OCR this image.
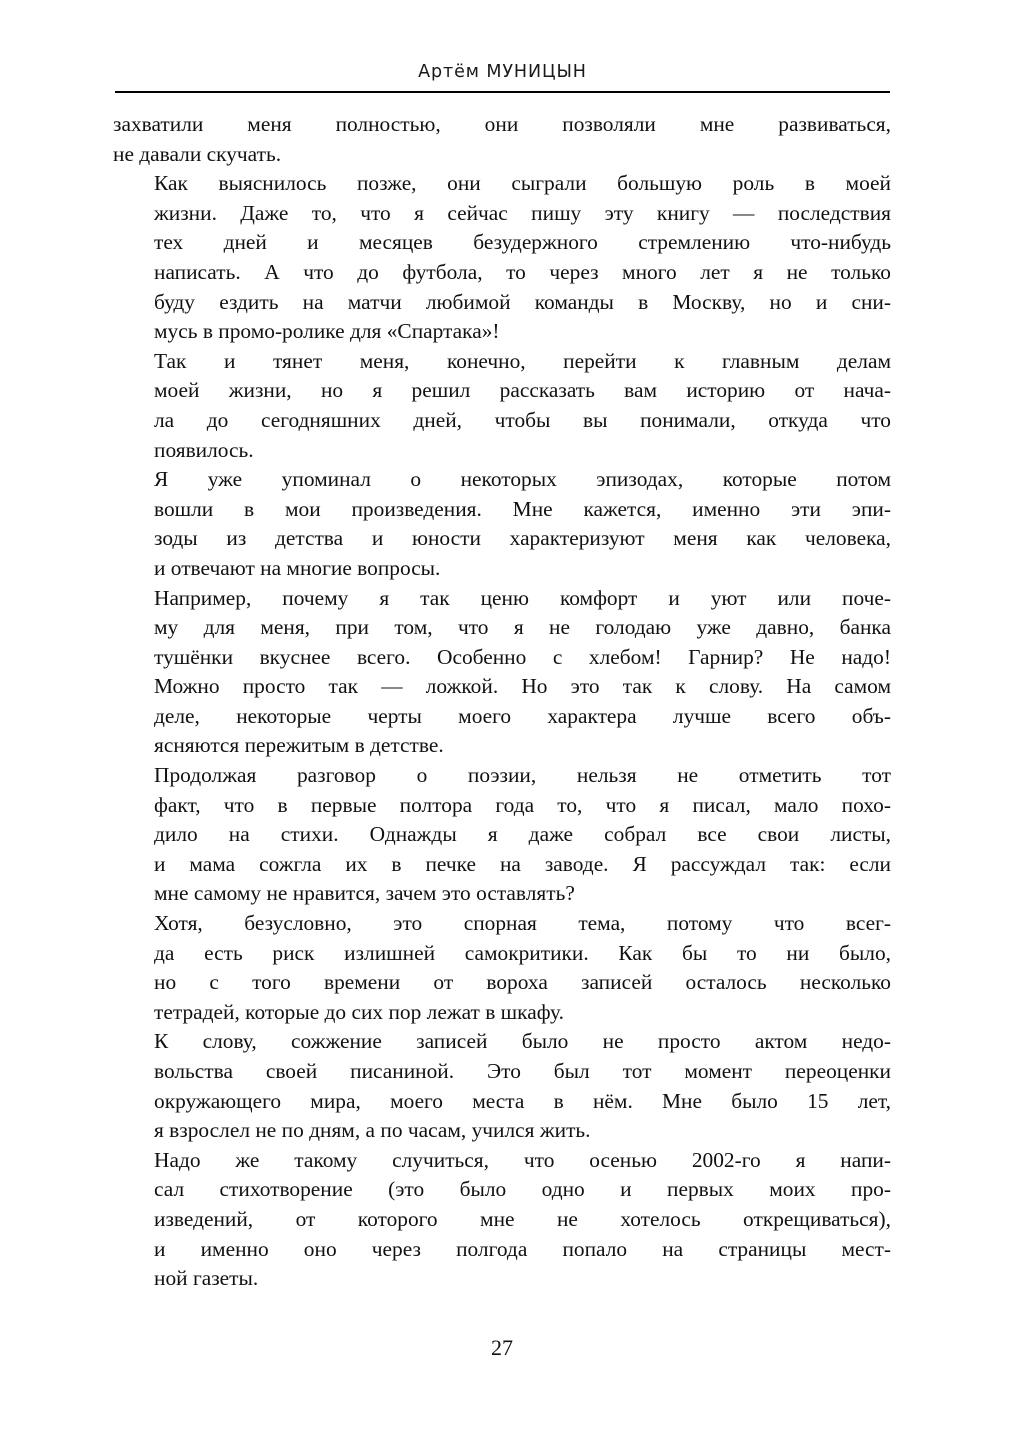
Артём МУНИЦЫН
захватили меня полностью, они позволяли мне развиваться,
не давали скучать.
Как выяснилось позже, они сыграли большую роль в моей
жизни. Даже то, что я сейчас пишу эту книгу — последствия
тех дней и месяцев безудержного стремлению что-нибудь
написать. А что до футбола, то через много лет я не только
буду ездить на матчи любимой команды в Москву, но и сни-
мусь в промо-ролике для «Спартака»!
Так и тянет меня, конечно, перейти к главным делам
моей жизни, но я решил рассказать вам историю от нача-
ла до сегодняшних дней, чтобы вы понимали, откуда что
появилось.
Я уже упоминал о некоторых эпизодах, которые потом
вошли в мои произведения. Мне кажется, именно эти эпи-
зоды из детства и юности характеризуют меня как человека,
и отвечают на многие вопросы.
Например, почему я так ценю комфорт и уют или поче-
му для меня, при том, что я не голодаю уже давно, банка
тушёнки вкуснее всего. Особенно с хлебом! Гарнир? Не надо!
Можно просто так — ложкой. Но это так к слову. На самом
деле, некоторые черты моего характера лучше всего объ-
ясняются пережитым в детстве.
Продолжая разговор о поэзии, нельзя не отметить тот
факт, что в первые полтора года то, что я писал, мало похо-
дило на стихи. Однажды я даже собрал все свои листы,
и мама сожгла их в печке на заводе. Я рассуждал так: если
мне самому не нравится, зачем это оставлять?
Хотя, безусловно, это спорная тема, потому что всег-
да есть риск излишней самокритики. Как бы то ни было,
но с того времени от вороха записей осталось несколько
тетрадей, которые до сих пор лежат в шкафу.
К слову, сожжение записей было не просто актом недо-
вольства своей писаниной. Это был тот момент переоценки
окружающего мира, моего места в нём. Мне было 15 лет,
я взрослел не по дням, а по часам, учился жить.
Надо же такому случиться, что осенью 2002-го я напи-
сал стихотворение (это было одно и первых моих про-
изведений, от которого мне не хотелось открещиваться),
и именно оно через полгода попало на страницы мест-
ной газеты.
27
